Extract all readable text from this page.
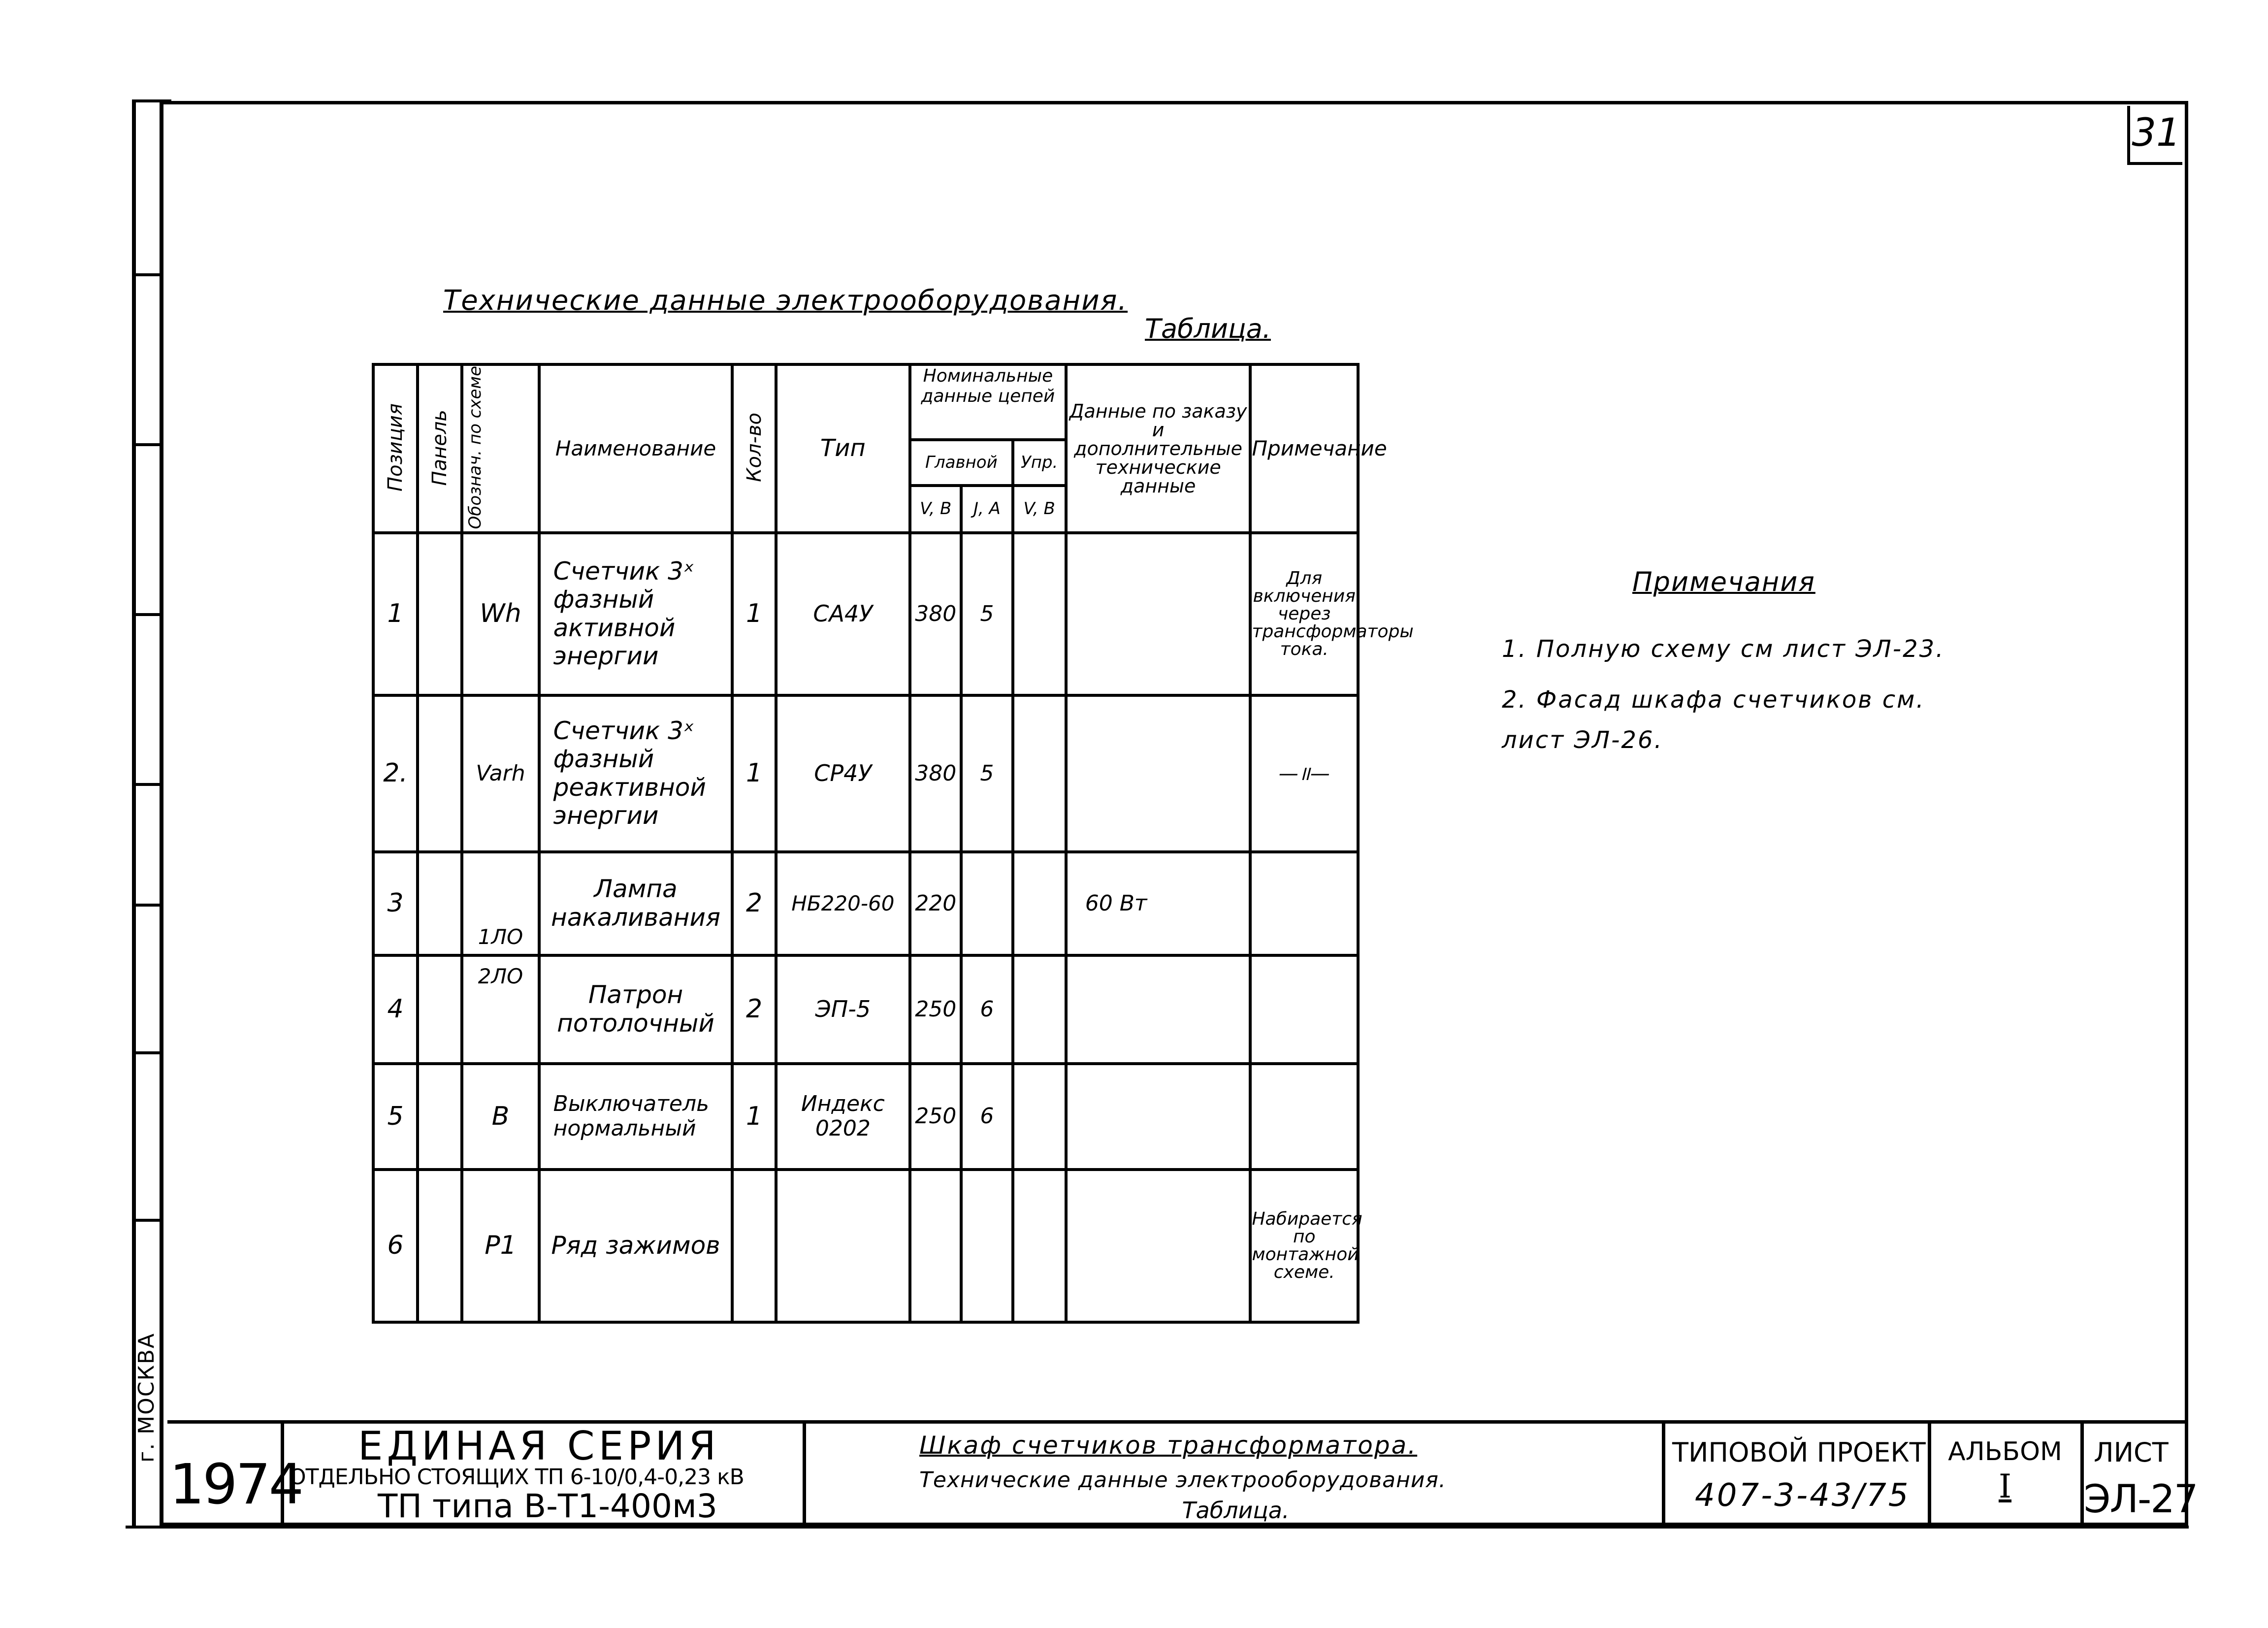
31
г. МОСКВА
Технические данные электрооборудования.
Таблица.
Позиция	Панель	Обознач. по схеме	Наименование	Кол-во	Тип	Номинальные данные цепей			Данные по заказу и дополнительные технические данные	Примечание
						Главной		Упр.		
						V, В	J, А	V, В		
1		Wh	Счетчик 3ˣ фазный активной энергии	1	СА4У	380	5			Для включения через трансформаторы тока.
2.		Varh	Счетчик 3ˣ фазный реактивной энергии	1	СР4У	380	5			—॥—
3		1ЛО	Лампа накаливания	2	НБ220-60	220			60 Вт	
4		2ЛО	Патрон потолочный	2	ЭП-5	250	6			
5		В	Выключатель нормальный	1	Индекс 0202	250	6			
6		Р1	Ряд зажимов							Набирается по монтажной схеме.
Примечания
1. Полную схему см лист ЭЛ-23.
2. Фасад шкафа счетчиков см. лист ЭЛ-26.
1974
ЕДИНАЯ СЕРИЯ
ОТДЕЛЬНО СТОЯЩИХ ТП 6-10/0,4-0,23 кВ
ТП типа В-Т1-400м3
Шкаф счетчиков трансформатора.
Технические данные электрооборудования.
Таблица.
ТИПОВОЙ ПРОЕКТ
407-3-43/75
АЛЬБОМ
I
ЛИСТ
ЭЛ-27
